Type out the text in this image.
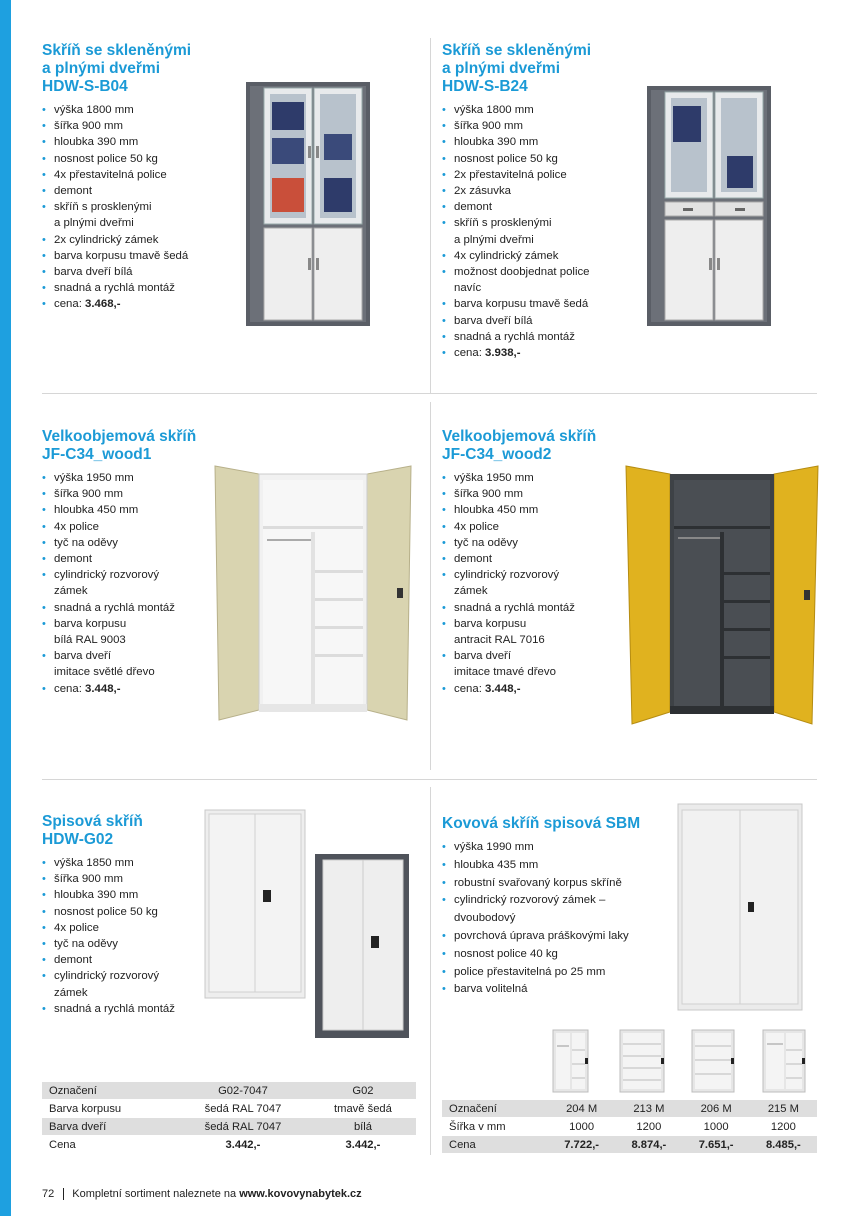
Skříň se skleněnými
a plnými dveřmi
HDW-S-B04
• výška 1800 mm
• šířka 900 mm
• hloubka 390 mm
• nosnost police 50 kg
• 4x přestavitelná police
• demont
• skříň s prosklenými
a plnými dveřmi
• 2x cylindrický zámek
• barva korpusu tmavě šedá
• barva dveří bílá
• snadná a rychlá montáž
• cena: 3.468,-
Skříň se skleněnými
a plnými dveřmi
HDW-S-B24
• výška 1800 mm
• šířka 900 mm
• hloubka 390 mm
• nosnost police 50 kg
• 2x přestavitelná police
• 2x zásuvka
• demont
• skříň s prosklenými
a plnými dveřmi
• 4x cylindrický zámek
• možnost doobjednat police
navíc
• barva korpusu tmavě šedá
• barva dveří bílá
• snadná a rychlá montáž
• cena: 3.938,-
Velkoobjemová skříň
JF-C34_wood1
• výška 1950 mm
• šířka 900 mm
• hloubka 450 mm
• 4x police
• tyč na oděvy
• demont
• cylindrický rozvorový
zámek
• snadná a rychlá montáž
• barva korpusu
bílá RAL 9003
• barva dveří
imitace světlé dřevo
• cena: 3.448,-
Velkoobjemová skříň
JF-C34_wood2
• výška 1950 mm
• šířka 900 mm
• hloubka 450 mm
• 4x police
• tyč na oděvy
• demont
• cylindrický rozvorový
zámek
• snadná a rychlá montáž
• barva korpusu
antracit RAL 7016
• barva dveří
imitace tmavé dřevo
• cena: 3.448,-
Spisová skříň
HDW-G02
• výška 1850 mm
• šířka 900 mm
• hloubka 390 mm
• nosnost police 50 kg
• 4x police
• tyč na oděvy
• demont
• cylindrický rozvorový
zámek
• snadná a rychlá montáž
Kovová skříň spisová SBM
• výška 1990 mm
• hloubka 435 mm
• robustní svařovaný korpus skříně
• cylindrický rozvorový zámek –
dvoubodový
• povrchová úprava práškovými laky
• nosnost police 40 kg
• police přestavitelná po 25 mm
• barva volitelná
Označení	G02-7047	G02
Barva korpusu	šedá RAL 7047	tmavě šedá
Barva dveří	šedá RAL 7047	bílá
Cena	3.442,-	3.442,-
Označení	204 M	213 M	206 M	215 M
Šířka v mm	1000	1200	1000	1200
Cena	7.722,-	8.874,-	7.651,-	8.485,-
72 Kompletní sortiment naleznete na www.kovovynabytek.cz
